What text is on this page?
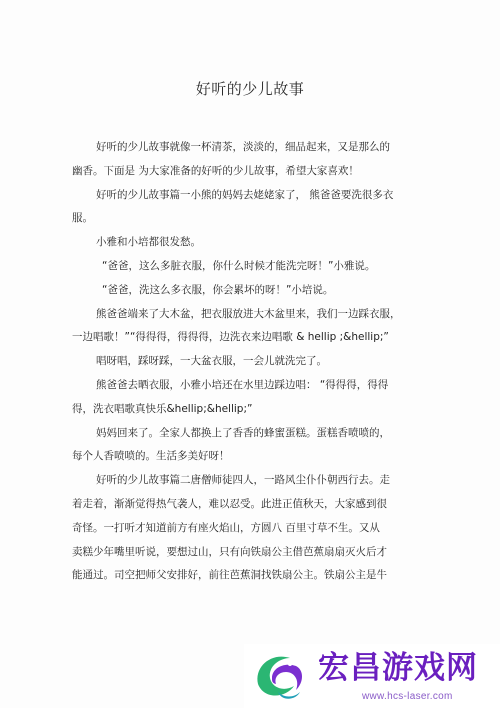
好听的少儿故事
好听的少儿故事就像一杯清茶，淡淡的，细品起来，又是那么的
幽香。下面是 为大家准备的好听的少儿故事，希望大家喜欢！
好听的少儿故事篇一小熊的妈妈去姥姥家了， 熊爸爸要洗很多衣
服。
小雅和小培都很发愁。
“爸爸，这么多脏衣服，你什么时候才能洗完呀！”小雅说。
“爸爸，洗这么多衣服，你会累坏的呀！”小培说。
熊爸爸端来了大木盆，把衣服放进大木盆里来，我们一边踩衣服，
一边唱歌！”“得得得，得得得，边洗衣来边唱歌 & hellip ;&hellip;”
唱呀唱，踩呀踩，一大盆衣服，一会儿就洗完了。
熊爸爸去晒衣服，小雅小培还在水里边踩边唱： “得得得，得得
得，洗衣唱歌真快乐&hellip;&hellip;”
妈妈回来了。全家人都换上了香香的蜂蜜蛋糕。蛋糕香喷喷的，
每个人香喷喷的。生活多美好呀！
好听的少儿故事篇二唐僧师徒四人，一路风尘仆仆朝西行去。走
着走着，渐渐觉得热气袭人，难以忍受。此进正值秋天，大家感到很
奇怪。一打听才知道前方有座火焰山，方圆八 百里寸草不生。又从
卖糕少年嘴里听说，要想过山，只有向铁扇公主借芭蕉扇扇灭火后才
能通过。司空把师父安排好，前往芭蕉洞找铁扇公主。铁扇公主是牛
宏昌游戏网
www.hcs-laser.com
